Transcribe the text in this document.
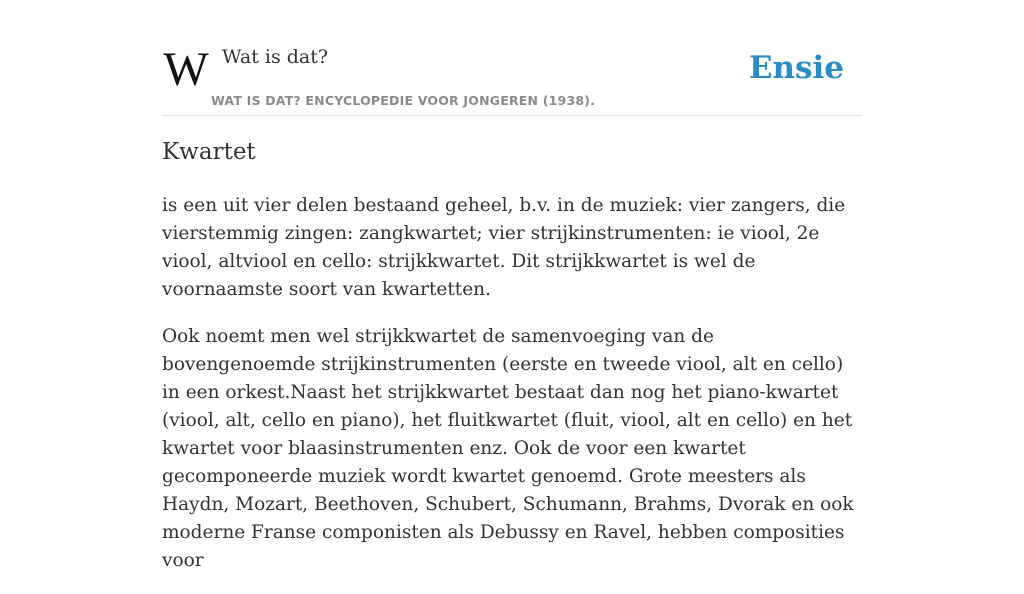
W Wat is dat?
WAT IS DAT? ENCYCLOPEDIE VOOR JONGEREN (1938).
Ensie
Kwartet

is een uit vier delen bestaand geheel, b.v. in de muziek: vier zangers, die vierstemmig zingen: zangkwartet; vier strijkinstrumenten: ie viool, 2e viool, altviool en cello: strijkkwartet. Dit strijkkwartet is wel de voornaamste soort van kwartetten.

Ook noemt men wel strijkkwartet de samenvoeging van de bovengenoemde strijkinstrumenten (eerste en tweede viool, alt en cello) in een orkest.Naast het strijkkwartet bestaat dan nog het piano-kwartet (viool, alt, cello en piano), het fluitkwartet (fluit, viool, alt en cello) en het kwartet voor blaasinstrumenten enz. Ook de voor een kwartet gecomponeerde muziek wordt kwartet genoemd. Grote meesters als Haydn, Mozart, Beethoven, Schubert, Schumann, Brahms, Dvorak en ook moderne Franse componisten als Debussy en Ravel, hebben composities voor
